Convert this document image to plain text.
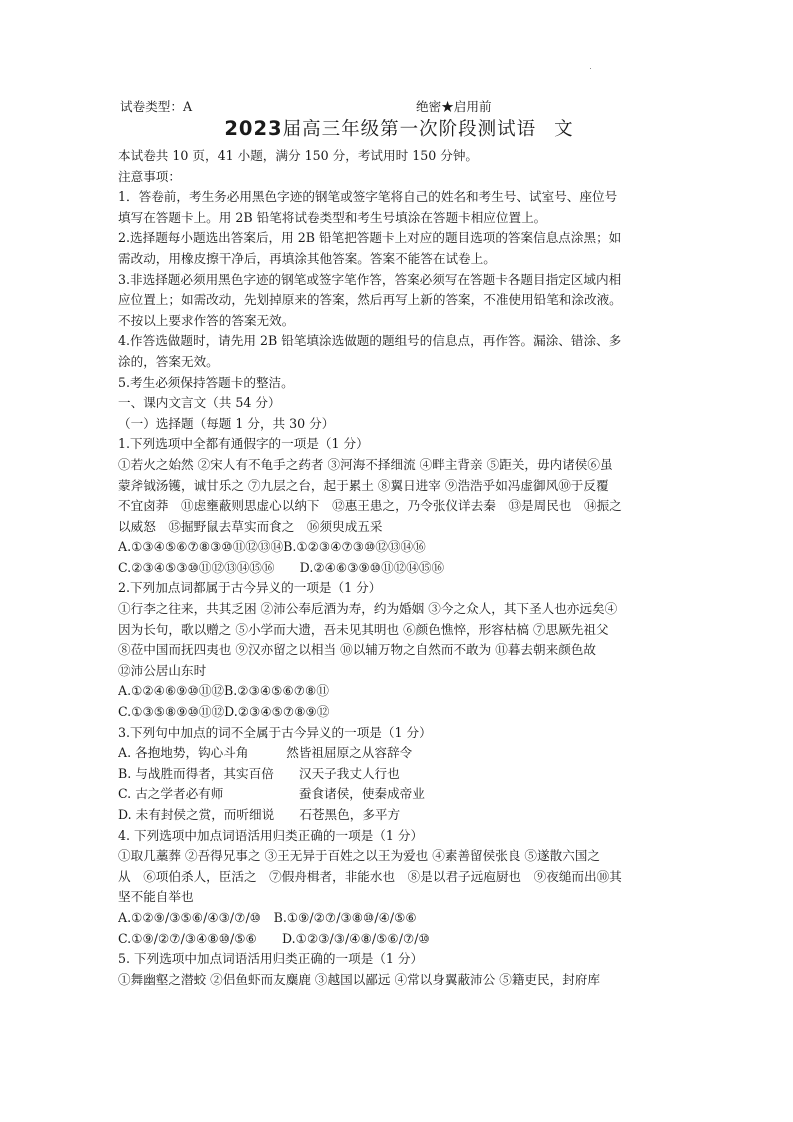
试卷类型：A	绝密★启用前
2023届高三年级第一次阶段测试语 文
本试卷共 10 页，41 小题，满分 150 分，考试用时 150 分钟。
注意事项：
1．答卷前，考生务必用黑色字迹的钢笔或签字笔将自己的姓名和考生号、试室号、座位号
填写在答题卡上。用 2B 铅笔将试卷类型和考生号填涂在答题卡相应位置上。
2.选择题每小题选出答案后，用 2B 铅笔把答题卡上对应的题目选项的答案信息点涂黑；如
需改动，用橡皮擦干净后，再填涂其他答案。答案不能答在试卷上。
3.非选择题必须用黑色字迹的钢笔或签字笔作答，答案必须写在答题卡各题目指定区域内相
应位置上；如需改动，先划掉原来的答案，然后再写上新的答案，不准使用铅笔和涂改液。
不按以上要求作答的答案无效。
4.作答选做题时，请先用 2B 铅笔填涂选做题的题组号的信息点，再作答。漏涂、错涂、多
涂的，答案无效。
5.考生必须保持答题卡的整洁。
一、课内文言文（共 54 分）
（一）选择题（每题 1 分，共 30 分）
1.下列选项中全都有通假字的一项是（1 分）
①若火之始然 ②宋人有不龟手之药者 ③河海不择细流 ④畔主背亲 ⑤距关，毋内诸侯⑥虽
蒙斧钺汤镬，诚甘乐之 ⑦九层之台，起于累土 ⑧翼日进宰 ⑨浩浩乎如冯虚御风⑩于反覆
不宜卤莽　⑪虑壅蔽则思虚心以纳下　⑫惠王患之，乃令张仪详去秦　⑬是周民也　⑭振之
以威怒　⑮掘野鼠去草实而食之　⑯须臾成五采
A.①③④⑤⑥⑦⑧③⑩⑪⑫⑬⑭B.①②③④⑦③⑩⑫⑬⑭⑯
C.②③④⑤③⑩⑪⑫⑬⑭⑮⑯　　D.②④⑥③⑨⑩⑪⑫⑭⑮⑯
2.下列加点词都属于古今异义的一项是（1 分）
①行李之往来，共其乏困 ②沛公奉卮酒为寿，约为婚姻 ③今之众人，其下圣人也亦远矣④
因为长句，歌以赠之 ⑤小学而大遗，吾未见其明也 ⑥颜色憔悴，形容枯槁 ⑦思厥先祖父
⑧莅中国而抚四夷也 ⑨汉亦留之以相当 ⑩以辅万物之自然而不敢为 ⑪暮去朝来颜色故
⑫沛公居山东时
A.①②④⑥⑨⑩⑪⑫B.②③④⑤⑥⑦⑧⑪
C.①③⑤⑧⑨⑩⑪⑫D.②③④⑤⑦⑧⑨⑫
3.下列句中加点的词不全属于古今异义的一项是（1 分）
A. 各抱地势，钩心斗角　　　然皆祖屈原之从容辞令
B. 与战胜而得者，其实百倍　　汉天子我丈人行也
C. 古之学者必有师　　　　　　蚕食诸侯，使秦成帝业
D. 未有封侯之赏，而听细说　　石苍黑色，多平方
4. 下列选项中加点词语活用归类正确的一项是（1 分）
①取几藁葬 ②吾得兄事之 ③王无异于百姓之以王为爱也 ④素善留侯张良 ⑤遂散六国之
从　⑥项伯杀人，臣活之　⑦假舟楫者，非能水也　⑧是以君子远庖厨也　⑨夜缒而出⑩其
坚不能自举也
A.①②⑨/③⑤⑥/④③/⑦/⑩　B.①⑨/②⑦/③⑧⑩/④/⑤⑥
C.①⑨/②⑦/③④⑧⑩/⑤⑥　　D.①②③/③/④⑧/⑤⑥/⑦/⑩
5. 下列选项中加点词语活用归类正确的一项是（1 分）
①舞幽壑之潜蛟 ②侣鱼虾而友麋鹿 ③越国以鄙远 ④常以身翼蔽沛公 ⑤籍吏民，封府库
